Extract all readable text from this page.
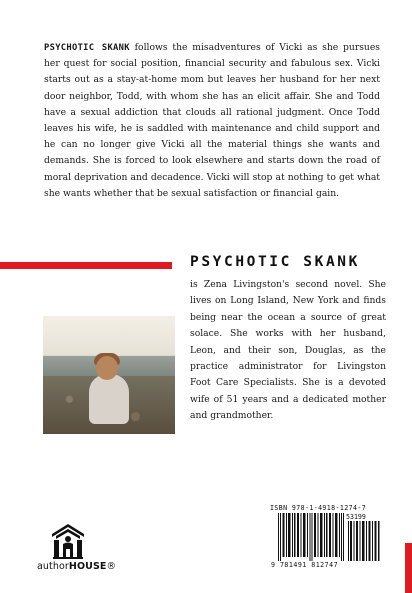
PSYCHOTIC SKANK follows the misadventures of Vicki as she pursues her quest for social position, financial security and fabulous sex. Vicki starts out as a stay-at-home mom but leaves her husband for her next door neighbor, Todd, with whom she has an elicit affair. She and Todd have a sexual addiction that clouds all rational judgment. Once Todd leaves his wife, he is saddled with maintenance and child support and he can no longer give Vicki all the material things she wants and demands. She is forced to look elsewhere and starts down the road of moral deprivation and decadence. Vicki will stop at nothing to get what she wants whether that be sexual satisfaction or financial gain.
PSYCHOTIC SKANK
is Zena Livingston's second novel. She lives on Long Island, New York and finds being near the ocean a source of great solace. She works with her husband, Leon, and their son, Douglas, as the practice administrator for Livingston Foot Care Specialists. She is a devoted wife of 51 years and a dedicated mother and grandmother.
ISBN 978-1-4918-1274-7
53199
9 781491 812747
authorHOUSE®
